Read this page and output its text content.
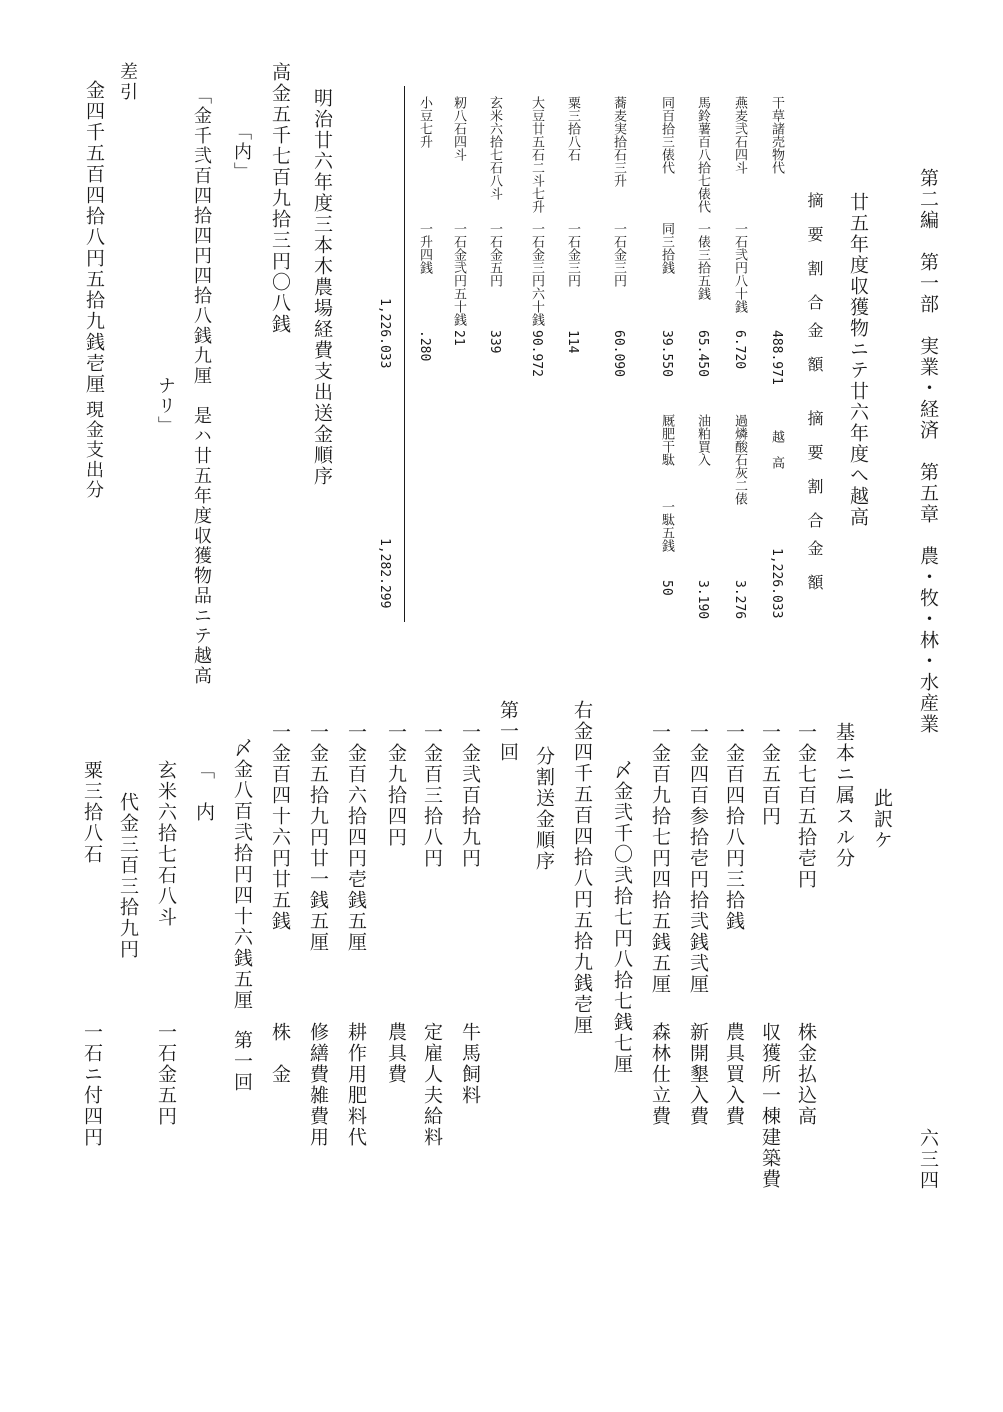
第二編　第一部　実業・経済　第五章　農・牧・林・水産業
六三四
廿五年度収獲物ニテ廿六年度へ越高
摘　要
割　合
金　額
摘　要
割　合
金　額
干草諸売物代
488.971
燕麦弐石四斗
一石弐円八十銭
6.720
馬鈴薯百八拾七俵代
一俵三拾五銭
65.450
同百拾三俵代
同三拾銭
39.550
蕎麦実拾石三升
一石金三円
60.090
粟三拾八石
一石金三円
114
大豆廿五石二斗七升
一石金三円六十銭
90.972
玄米六拾七石八斗
一石金五円
339
籾八石四斗
一石金弐円五十銭
21
小豆七升
一升四銭
.280
越　高
1,226.033
過燐酸石灰二俵
3.276
油粕買入
3.190
厩肥干駄
一駄五銭
50
1,226.033
1,282.299
明治廿六年度三本木農場経費支出送金順序
高金五千七百九拾三円〇八銭
「内」
「金千弐百四拾四円四拾八銭九厘　是ハ廿五年度収獲物品ニテ越高
ナリ」
差引
金四千五百四拾八円五拾九銭壱厘
現金支出分
此訳ケ
基本ニ属スル分
一金七百五拾壱円
株金払込高
一金五百円
収獲所一棟建築費
一金百四拾八円三拾銭
農具買入費
一金四百参拾壱円拾弐銭弐厘
新開墾入費
一金百九拾七円四拾五銭五厘
森林仕立費
〆金弐千〇弐拾七円八拾七銭七厘
右金四千五百四拾八円五拾九銭壱厘
分割送金順序
第一回
一金弐百拾九円
牛馬飼料
一金百三拾八円
定雇人夫給料
一金九拾四円
農具費
一金百六拾四円壱銭五厘
耕作用肥料代
一金五拾九円廿一銭五厘
修繕費雑費用
一金百四十六円廿五銭
株　金
〆金八百弐拾円四十六銭五厘
第一回
「　内
玄米六拾七石八斗
一石金五円
代金三百三拾九円
粟三拾八石
一石ニ付四円
